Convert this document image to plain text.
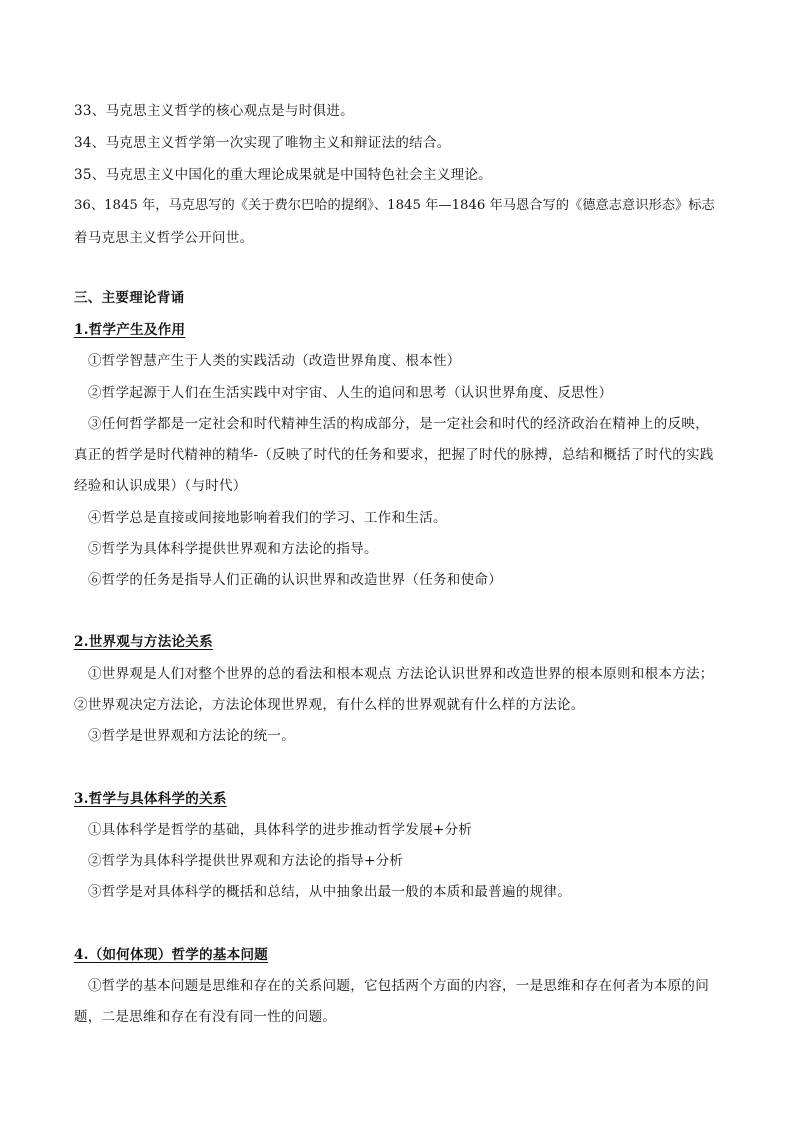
33、马克思主义哲学的核心观点是与时俱进。
34、马克思主义哲学第一次实现了唯物主义和辩证法的结合。
35、马克思主义中国化的重大理论成果就是中国特色社会主义理论。
36、1845 年，马克思写的《关于费尔巴哈的提纲》、1845 年—1846 年马恩合写的《德意志意识形态》标志
着马克思主义哲学公开问世。
三、主要理论背诵
1.哲学产生及作用
①哲学智慧产生于人类的实践活动（改造世界角度、根本性）
②哲学起源于人们在生活实践中对宇宙、人生的追问和思考（认识世界角度、反思性）
③任何哲学都是一定社会和时代精神生活的构成部分，是一定社会和时代的经济政治在精神上的反映，
真正的哲学是时代精神的精华-（反映了时代的任务和要求，把握了时代的脉搏，总结和概括了时代的实践
经验和认识成果）（与时代）
④哲学总是直接或间接地影响着我们的学习、工作和生活。
⑤哲学为具体科学提供世界观和方法论的指导。
⑥哲学的任务是指导人们正确的认识世界和改造世界（任务和使命）
2.世界观与方法论关系
①世界观是人们对整个世界的总的看法和根本观点 方法论认识世界和改造世界的根本原则和根本方法；
②世界观决定方法论，方法论体现世界观，有什么样的世界观就有什么样的方法论。
③哲学是世界观和方法论的统一。
3.哲学与具体科学的关系
①具体科学是哲学的基础，具体科学的进步推动哲学发展+分析
②哲学为具体科学提供世界观和方法论的指导+分析
③哲学是对具体科学的概括和总结，从中抽象出最一般的本质和最普遍的规律。
4.（如何体现）哲学的基本问题
①哲学的基本问题是思维和存在的关系问题，它包括两个方面的内容，一是思维和存在何者为本原的问
题，二是思维和存在有没有同一性的问题。
